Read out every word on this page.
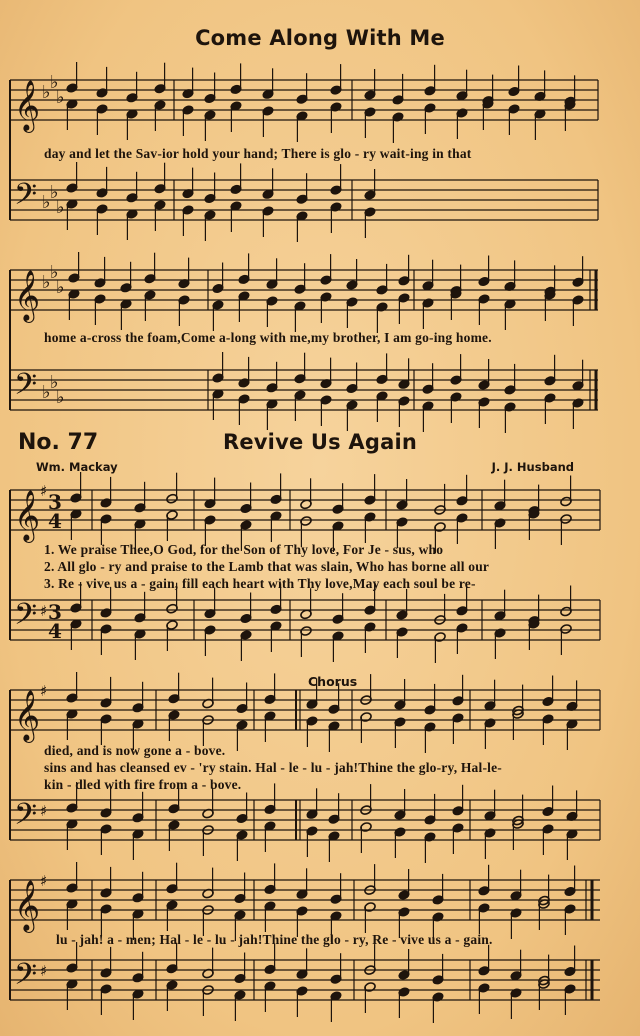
𝄞
𝄢
𝄞
𝄢
𝄞
𝄢
𝄞
𝄢
𝄞
𝄢
♭ ♭
♭
♭ ♭
♭
♭ ♭
♭
♭ ♭
♭
♯
♯
♯
♯
♯
♯
3
4
3
4
Come Along With Me
day and let the Sav-ior hold your hand; There is glo - ry wait-ing in that
home a-cross the foam,Come a-long with me,my brother, I am go-ing home.
No. 77	Revive Us Again
Wm. Mackay	J. J. Husband
1. We praise Thee,O God, for the Son of Thy love, For Je - sus, who
2. All glo - ry and praise to the Lamb that was slain, Who has borne all our
3. Re - vive us a - gain, fill each heart with Thy love,May each soul be re-
Chorus
died, and is now gone a - bove.
sins and has cleansed ev - 'ry stain. Hal - le - lu - jah!Thine the glo-ry, Hal-le-
kin - dled with fire from a - bove.
lu - jah! a - men; Hal - le - lu - jah!Thine the glo - ry, Re - vive us a - gain.
